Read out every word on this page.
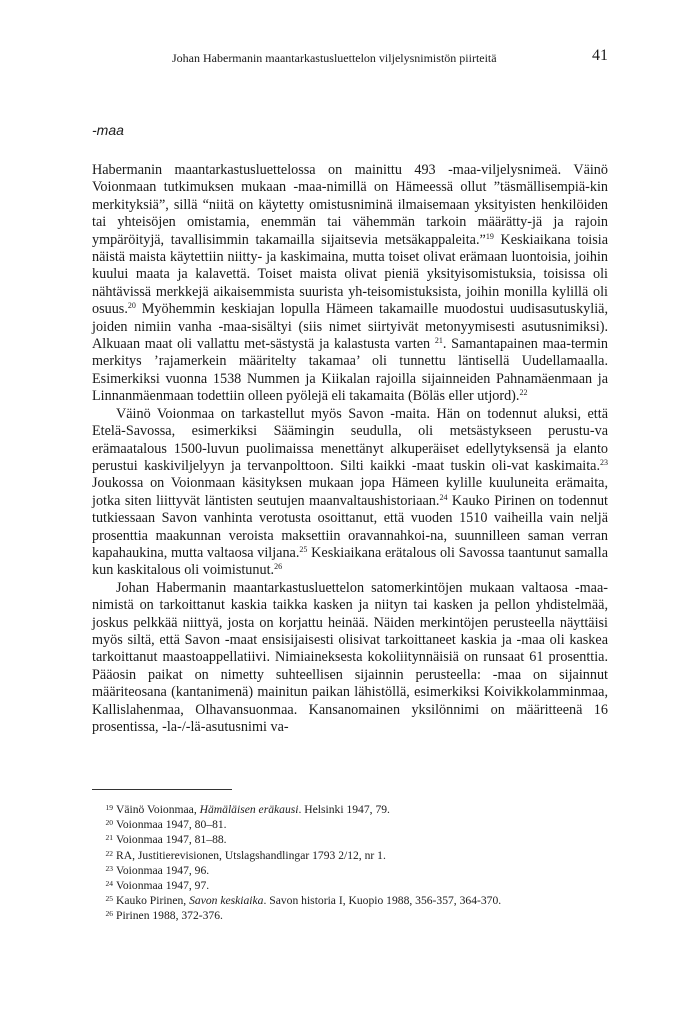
Johan Habermanin maantarkastusluettelon viljelysnimistön piirteitä	41
-maa

Habermanin maantarkastusluettelossa on mainittu 493 -maa-viljelysnimeä. Väinö Voionmaan tutkimuksen mukaan -maa-nimillä on Hämeessä ollut ”täsmällisempiä-kin merkityksiä”, sillä “niitä on käytetty omistusniminä ilmaisemaan yksityisten henkilöiden tai yhteisöjen omistamia, enemmän tai vähemmän tarkoin määrätty-jä ja rajoin ympäröityjä, tavallisimmin takamailla sijaitsevia metsäkappaleita.”$^{19}$ Keskiaikana toisia näistä maista käytettiin niitty- ja kaskimaina, mutta toiset olivat erämaan luontoisia, joihin kuului maata ja kalavettä. Toiset maista olivat pieniä yksityisomistuksia, toisissa oli nähtävissä merkkejä aikaisemmista suurista yh-teisomistuksista, joihin monilla kylillä oli osuus.$^{20}$ Myöhemmin keskiajan lopulla Hämeen takamaille muodostui uudisasutuskyliä, joiden nimiin vanha -maa-sisältyi (siis nimet siirtyivät metonyymisesti asutusnimiksi). Alkuaan maat oli vallattu met-sästystä ja kalastusta varten $^{21}$. Samantapainen maa-termin merkitys ’rajamerkein määritelty takamaa’ oli tunnettu läntisellä Uudellamaalla. Esimerkiksi vuonna 1538 Nummen ja Kiikalan rajoilla sijainneiden Pahnamäenmaan ja Linnanmäenmaan todettiin olleen pyölejä eli takamaita (Böläs eller utjord).$^{22}$

Väinö Voionmaa on tarkastellut myös Savon -maita. Hän on todennut aluksi, että Etelä-Savossa, esimerkiksi Säämingin seudulla, oli metsästykseen perustu-va erämaatalous 1500-luvun puolimaissa menettänyt alkuperäiset edellytyksensä ja elanto perustui kaskiviljelyyn ja tervanpolttoon. Silti kaikki -maat tuskin oli-vat kaskimaita.$^{23}$ Joukossa on Voionmaan käsityksen mukaan jopa Hämeen kylille kuuluneita erämaita, jotka siten liittyvät läntisten seutujen maanvaltaushistoriaan.$^{24}$ Kauko Pirinen on todennut tutkiessaan Savon vanhinta verotusta osoittanut, että vuoden 1510 vaiheilla vain neljä prosenttia maakunnan veroista maksettiin oravannahkoi-na, suunnilleen saman verran kapahaukina, mutta valtaosa viljana.$^{25}$ Keskiaikana erätalous oli Savossa taantunut samalla kun kaskitalous oli voimistunut.$^{26}$

Johan Habermanin maantarkastusluettelon satomerkintöjen mukaan valtaosa -maa-nimistä on tarkoittanut kaskia taikka kasken ja niityn tai kasken ja pellon yhdistelmää, joskus pelkkää niittyä, josta on korjattu heinää. Näiden merkintöjen perusteella näyttäisi myös siltä, että Savon -maat ensisijaisesti olisivat tarkoittaneet kaskia ja -maa oli kaskea tarkoittanut maastoappellatiivi. Nimiaineksesta kokoliitynnäisiä on runsaat 61 prosenttia. Pääosin paikat on nimetty suhteellisen sijainnin perusteella: -maa on sijainnut määriteosana (kantanimenä) mainitun paikan lähistöllä, esimerkiksi Koivikkolamminmaa, Kallislahenmaa, Olhavansuonmaa. Kansanomainen yksilönnimi on määritteenä 16 prosentissa, -la-/-lä-asutusnimi va-

19 Väinö Voionmaa, Hämäläisen eräkausi. Helsinki 1947, 79.
20 Voionmaa 1947, 80–81.
21 Voionmaa 1947, 81–88.
22 RA, Justitierevisionen, Utslagshandlingar 1793 2/12, nr 1.
23 Voionmaa 1947, 96.
24 Voionmaa 1947, 97.
25 Kauko Pirinen, Savon keskiaika. Savon historia I, Kuopio 1988, 356-357, 364-370.
26 Pirinen 1988, 372-376.
